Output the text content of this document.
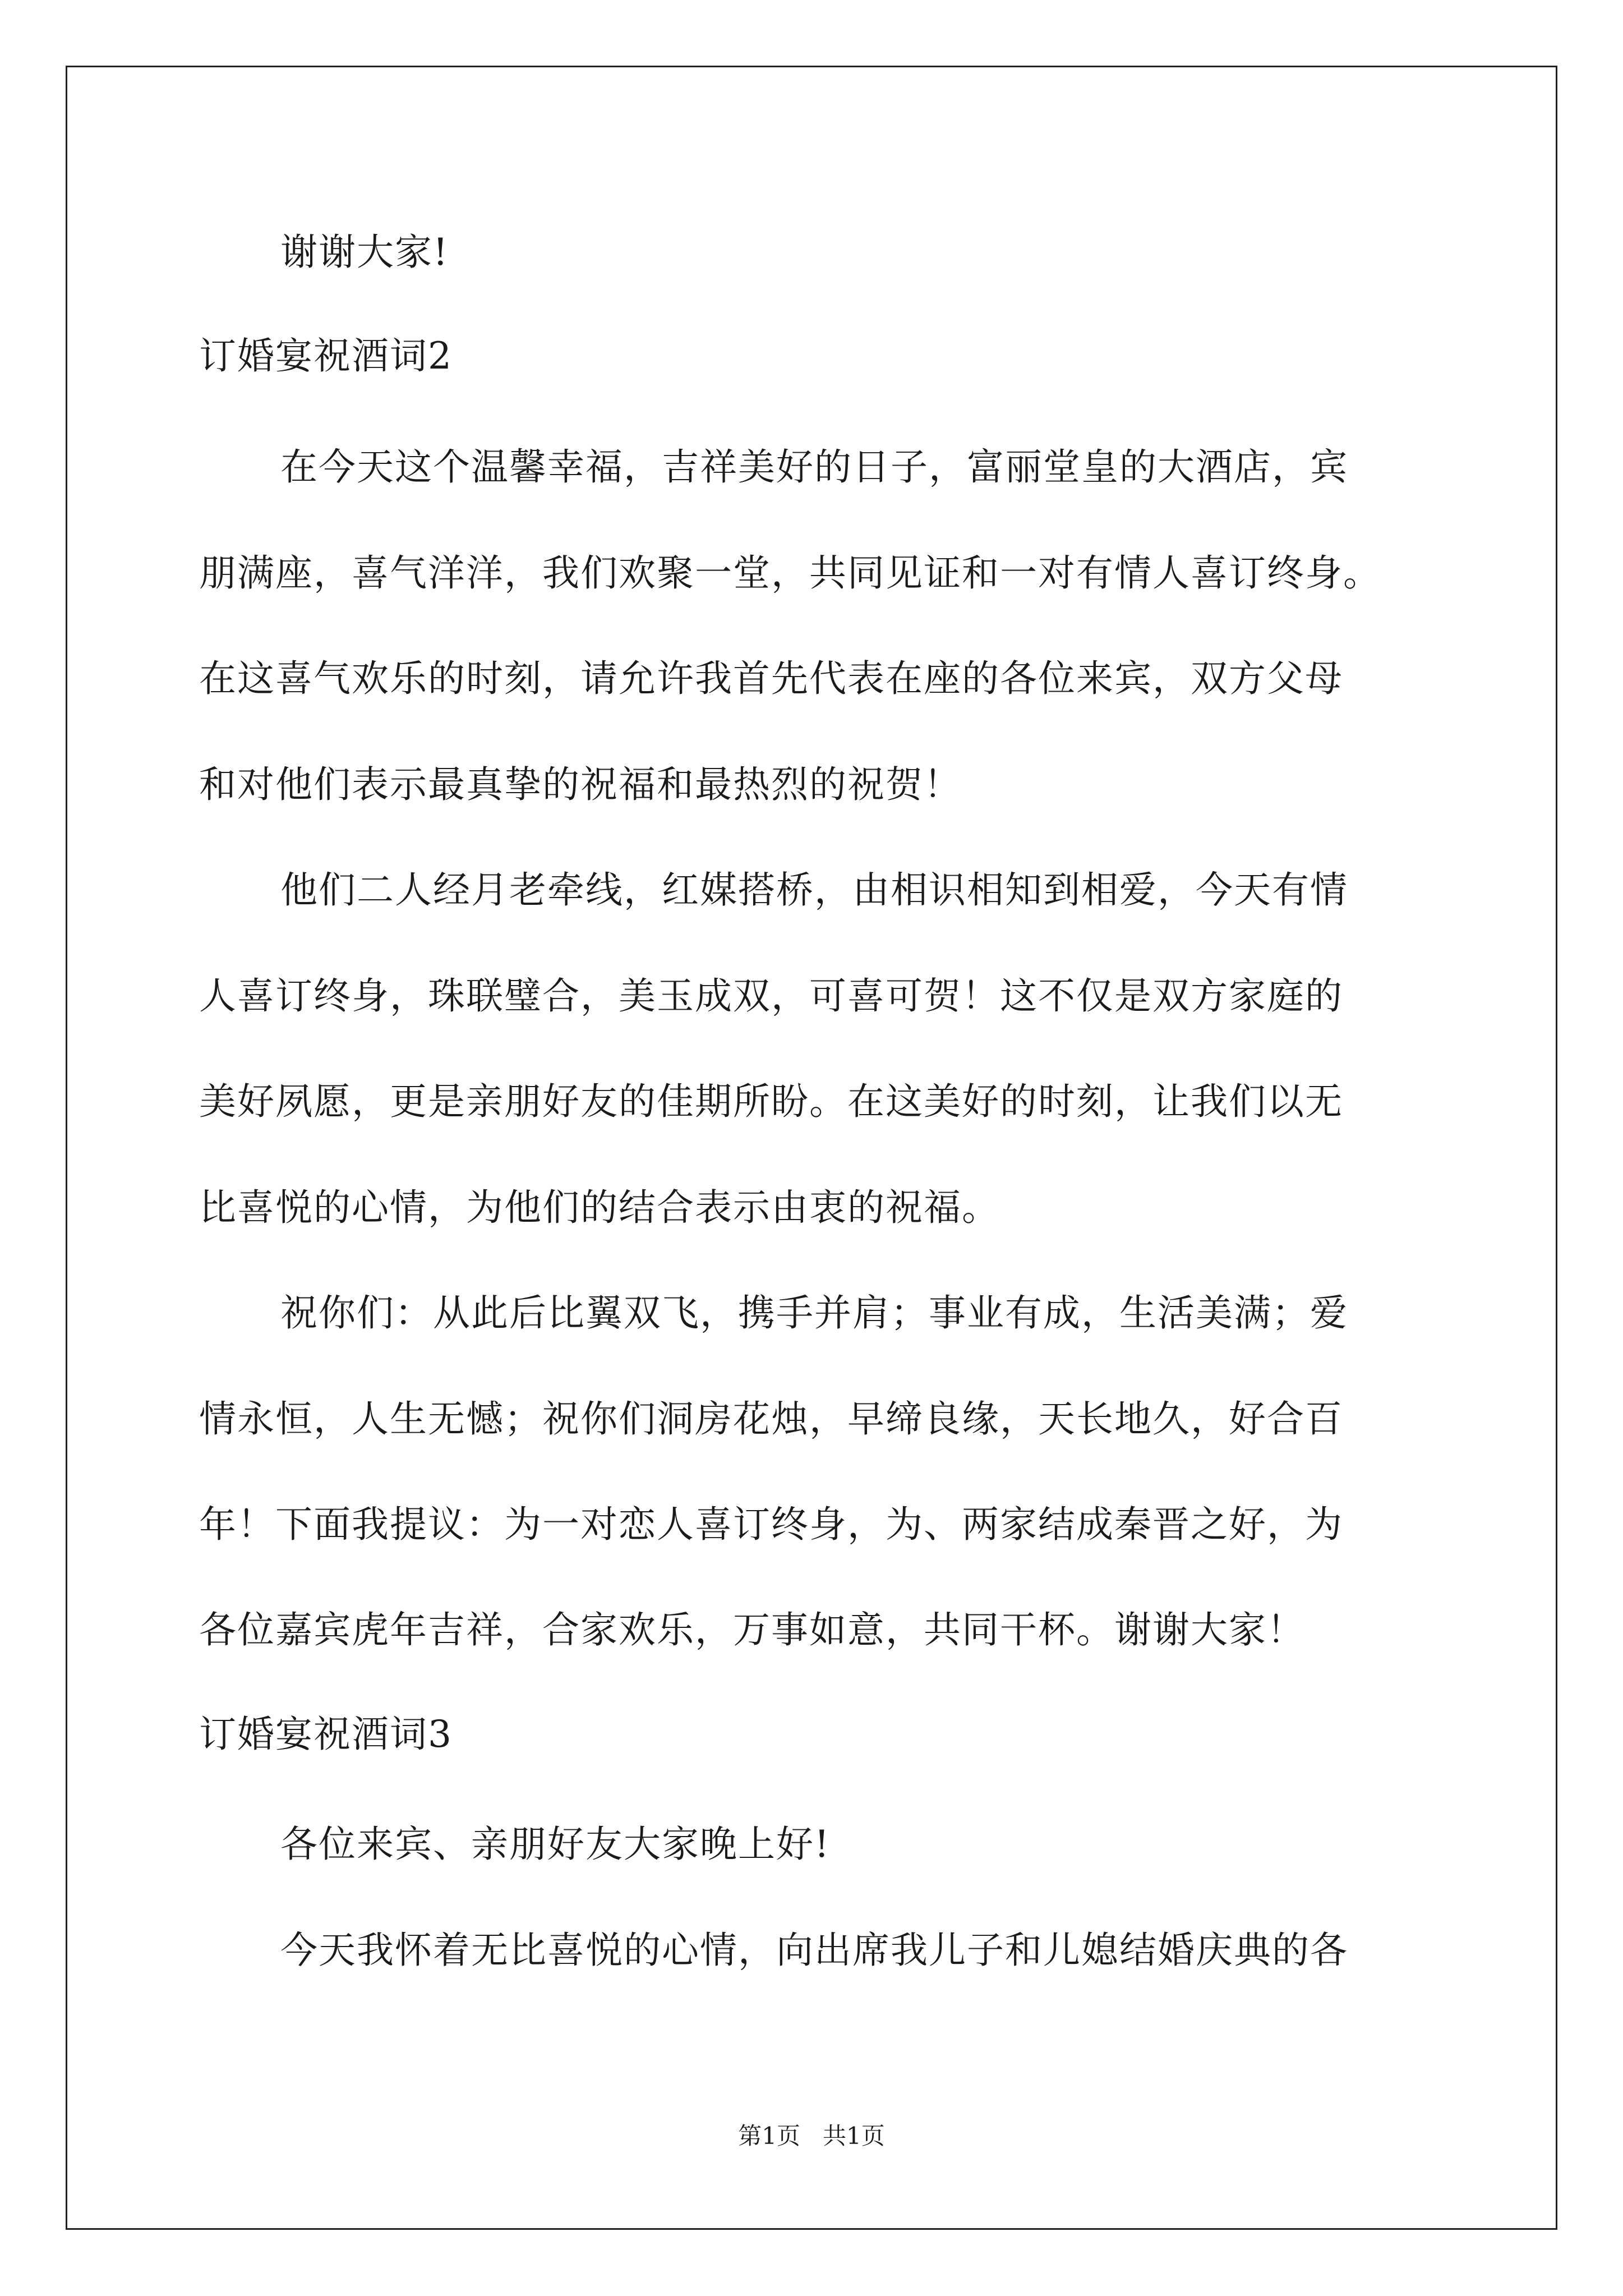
谢谢大家!
订婚宴祝酒词2
在今天这个温馨幸福，吉祥美好的日子，富丽堂皇的大酒店，宾
朋满座，喜气洋洋，我们欢聚一堂，共同见证和一对有情人喜订终身。
在这喜气欢乐的时刻，请允许我首先代表在座的各位来宾，双方父母
和对他们表示最真挚的祝福和最热烈的祝贺！
他们二人经月老牵线，红媒搭桥，由相识相知到相爱，今天有情
人喜订终身，珠联璧合，美玉成双，可喜可贺！这不仅是双方家庭的
美好夙愿，更是亲朋好友的佳期所盼。在这美好的时刻，让我们以无
比喜悦的心情，为他们的结合表示由衷的祝福。
祝你们：从此后比翼双飞，携手并肩；事业有成，生活美满；爱
情永恒，人生无憾；祝你们洞房花烛，早缔良缘，天长地久，好合百
年！下面我提议：为一对恋人喜订终身，为、两家结成秦晋之好，为
各位嘉宾虎年吉祥，合家欢乐，万事如意，共同干杯。谢谢大家！
订婚宴祝酒词3
各位来宾、亲朋好友大家晚上好!
今天我怀着无比喜悦的心情，向出席我儿子和儿媳结婚庆典的各
第1页   共1页
